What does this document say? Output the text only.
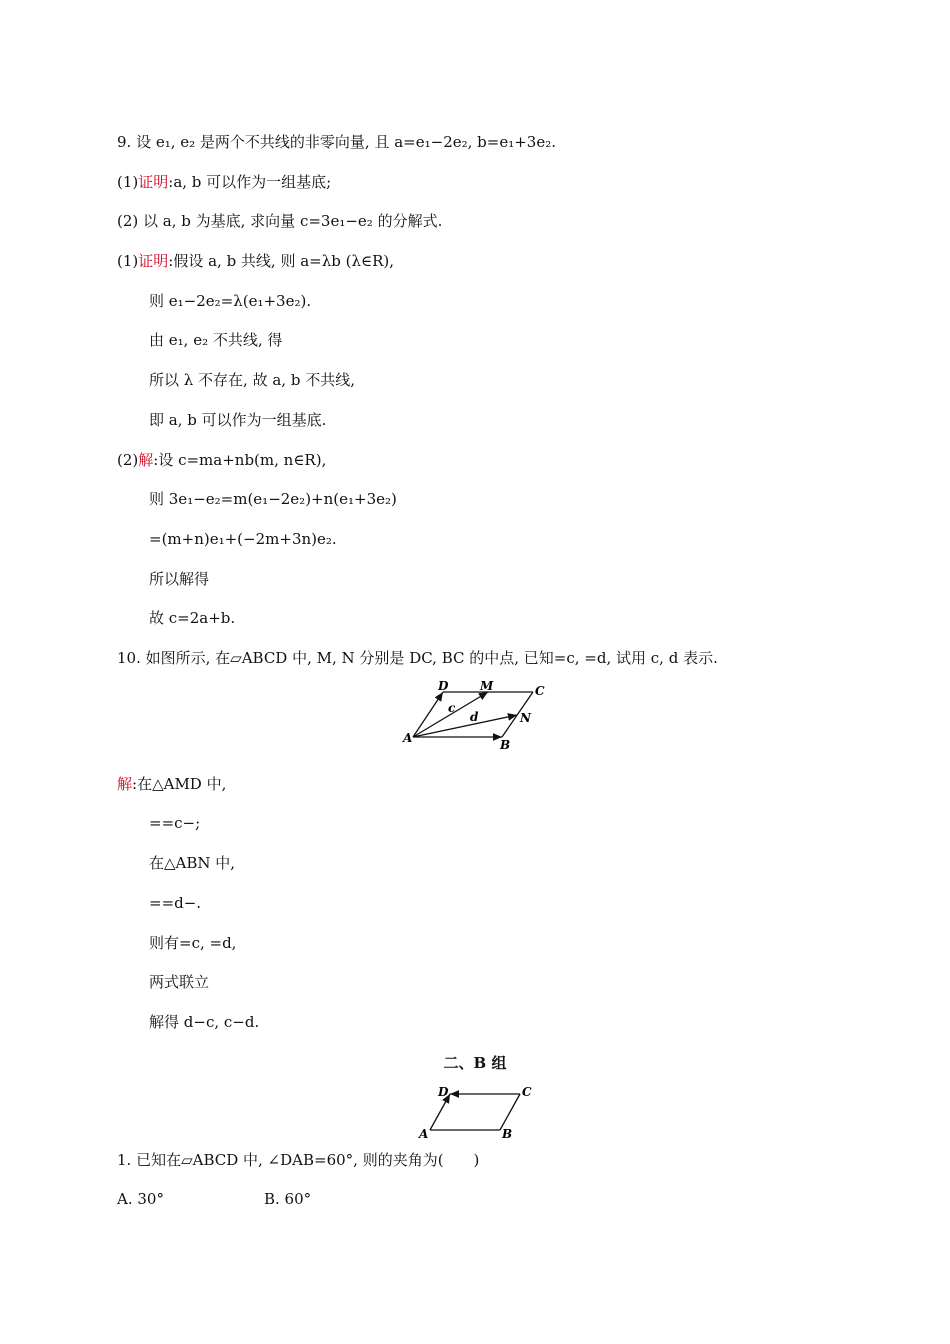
9. 设 e₁, e₂ 是两个不共线的非零向量, 且 a=e₁−2e₂, b=e₁+3e₂.
(1)证明:a, b 可以作为一组基底;
(2) 以 a, b 为基底, 求向量 c=3e₁−e₂ 的分解式.
(1)证明:假设 a, b 共线, 则 a=λb (λ∈R),
则 e₁−2e₂=λ(e₁+3e₂).
由 e₁, e₂ 不共线, 得
所以 λ 不存在, 故 a, b 不共线,
即 a, b 可以作为一组基底.
(2)解:设 c=ma+nb(m, n∈R),
则 3e₁−e₂=m(e₁−2e₂)+n(e₁+3e₂)
=(m+n)e₁+(−2m+3n)e₂.
所以解得
故 c=2a+b.
10. 如图所示, 在▱ABCD 中, M, N 分别是 DC, BC 的中点, 已知=c, =d, 试用 c, d 表示.
D	M	C
N
A	B
c
d
解:在△AMD 中,
==c−;
在△ABN 中,
==d−.
则有=c, =d,
两式联立
解得 d−c, c−d.
二、B 组
D	C
A	B
1. 已知在▱ABCD 中, ∠DAB=60°, 则的夹角为(　　)
A. 30°	B. 60°
